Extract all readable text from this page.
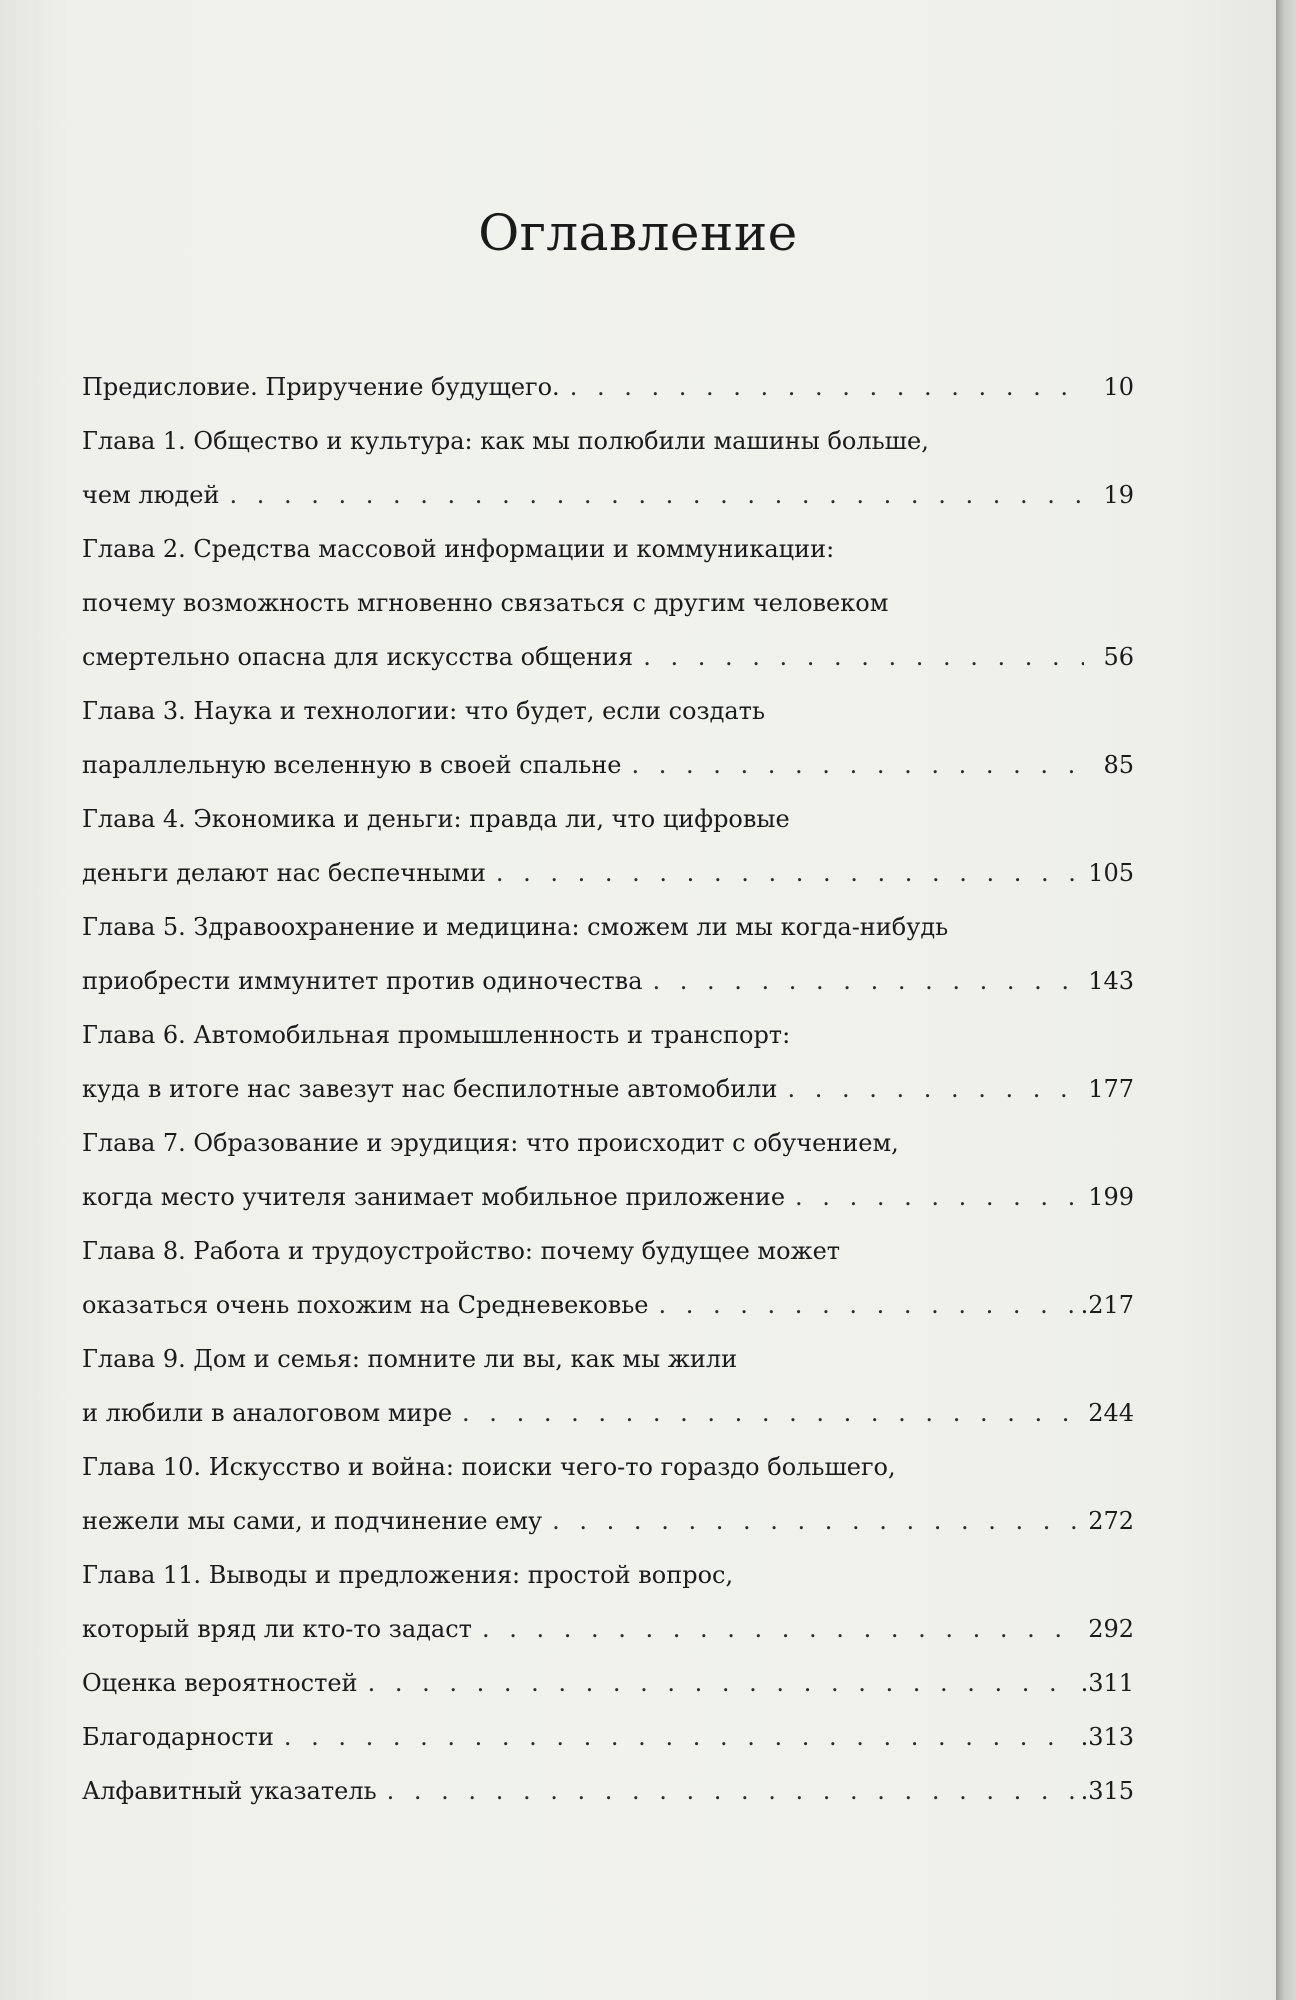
Оглавление
Предисловие. Приручение будущего. . . .	10
Глава 1. Общество и культура: как мы полюбили машины больше,
чем людей . . .	19
Глава 2. Средства массовой информации и коммуникации:
почему возможность мгновенно связаться с другим человеком
смертельно опасна для искусства общения . . .	56
Глава 3. Наука и технологии: что будет, если создать
параллельную вселенную в своей спальне . . .	85
Глава 4. Экономика и деньги: правда ли, что цифровые
деньги делают нас беспечными . . .	105
Глава 5. Здравоохранение и медицина: сможем ли мы когда-нибудь
приобрести иммунитет против одиночества . . .	143
Глава 6. Автомобильная промышленность и транспорт:
куда в итоге нас завезут нас беспилотные автомобили . . .	177
Глава 7. Образование и эрудиция: что происходит с обучением,
когда место учителя занимает мобильное приложение . . .	199
Глава 8. Работа и трудоустройство: почему будущее может
оказаться очень похожим на Средневековье . . .	.217
Глава 9. Дом и семья: помните ли вы, как мы жили
и любили в аналоговом мире . . .	244
Глава 10. Искусство и война: поиски чего-то гораздо большего,
нежели мы сами, и подчинение ему . . .	272
Глава 11. Выводы и предложения: простой вопрос,
который вряд ли кто-то задаст . . .	292
Оценка вероятностей . . .	.311
Благодарности . . .	.313
Алфавитный указатель . . .	.315
